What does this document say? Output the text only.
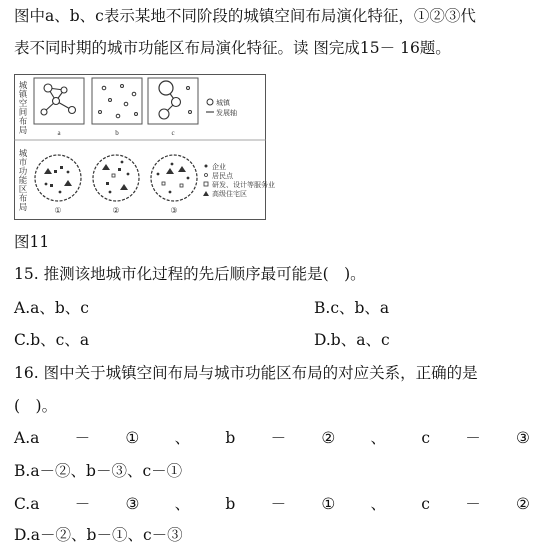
图中a、b、c表示某地不同阶段的城镇空间布局演化特征，①②③代
表不同时期的城市功能区布局演化特征。读 图完成15－ 16题。
城
镇
空
间
布
局
城
市
功
能
区
布
局
a	b	c
城镇
发展轴
①	②	③
企业
居民点
研发、设计等服务业
高级住宅区
图11
15. 推测该地城市化过程的先后顺序最可能是(　)。
A.a、b、c	B.c、b、a
C.b、c、a	D.b、a、c
16. 图中关于城镇空间布局与城市功能区布局的对应关系，正确的是
(　)。
A.a － ① 、 b － ② 、 c － ③
B.a－②、b－③、c－①
C.a － ③ 、 b － ① 、 c － ②
D.a－②、b－①、c－③
